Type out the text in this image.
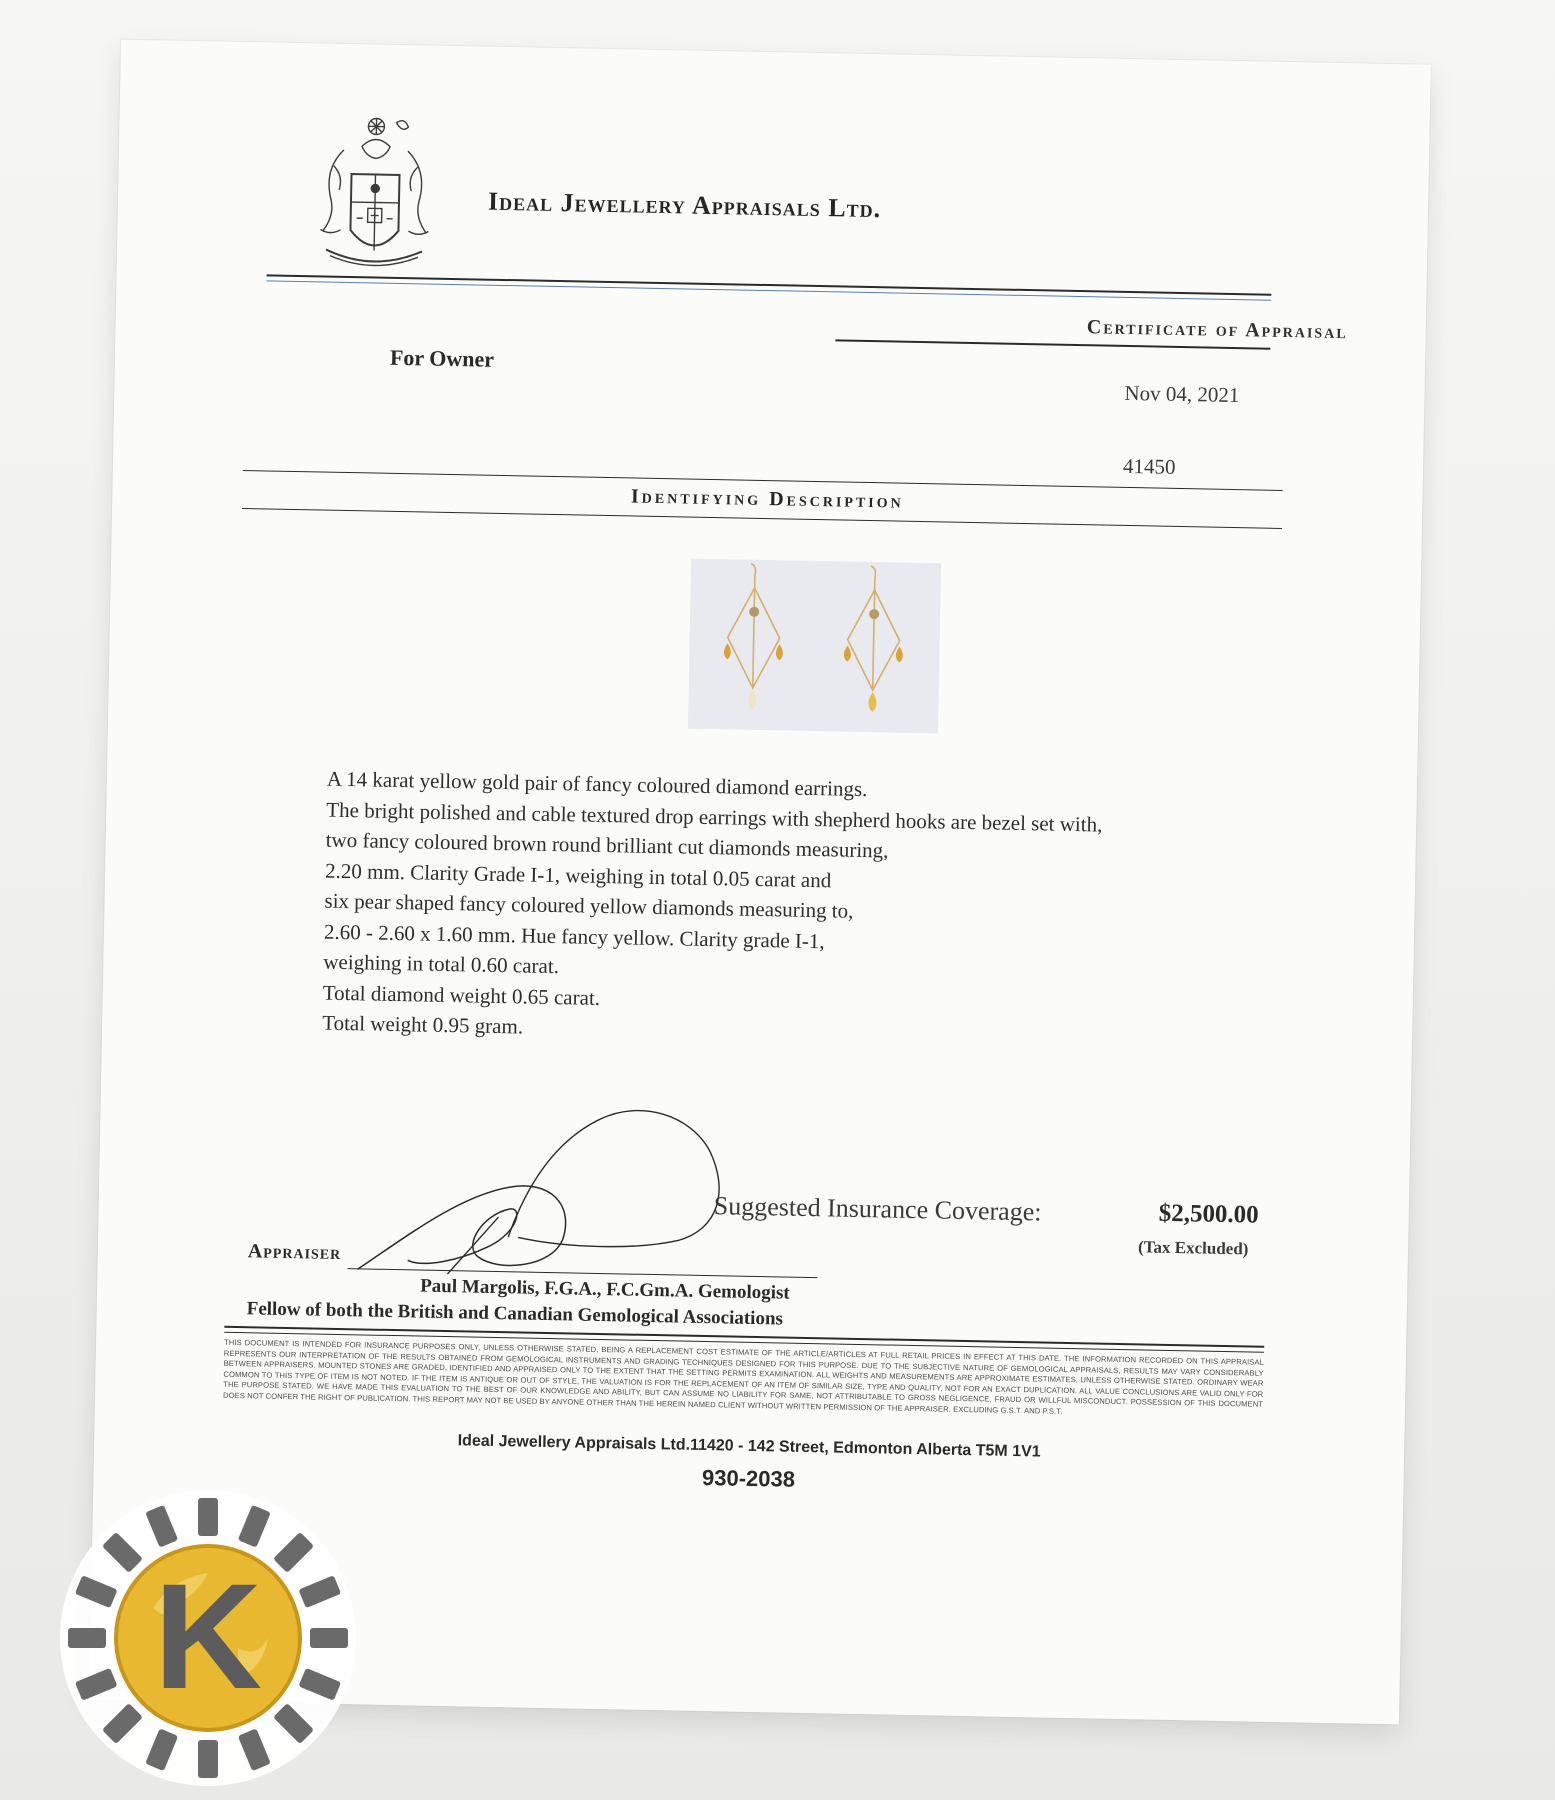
Ideal Jewellery Appraisals Ltd.
Certificate of Appraisal
For Owner
Nov 04, 2021
41450
Identifying Description
A 14 karat yellow gold pair of fancy coloured diamond earrings.
The bright polished and cable textured drop earrings with shepherd hooks are bezel set with,
two fancy coloured brown round brilliant cut diamonds measuring,
2.20 mm. Clarity Grade I-1, weighing in total 0.05 carat and
six pear shaped fancy coloured yellow diamonds measuring to,
2.60 - 2.60 x 1.60 mm. Hue fancy yellow. Clarity grade I-1,
weighing in total 0.60 carat.
Total diamond weight 0.65 carat.
Total weight 0.95 gram.
Appraiser
Paul Margolis, F.G.A., F.C.Gm.A. Gemologist
Fellow of both the British and Canadian Gemological Associations
Suggested Insurance Coverage:	$2,500.00
(Tax Excluded)
THIS DOCUMENT IS INTENDED FOR INSURANCE PURPOSES ONLY, UNLESS OTHERWISE STATED, BEING A REPLACEMENT COST ESTIMATE OF THE ARTICLE/ARTICLES AT FULL RETAIL PRICES IN EFFECT AT THIS DATE. THE INFORMATION RECORDED ON THIS APPRAISAL REPRESENTS OUR INTERPRETATION OF THE RESULTS OBTAINED FROM GEMOLOGICAL INSTRUMENTS AND GRADING TECHNIQUES DESIGNED FOR THIS PURPOSE. DUE TO THE SUBJECTIVE NATURE OF GEMOLOGICAL APPRAISALS, RESULTS MAY VARY CONSIDERABLY BETWEEN APPRAISERS. MOUNTED STONES ARE GRADED, IDENTIFIED AND APPRAISED ONLY TO THE EXTENT THAT THE SETTING PERMITS EXAMINATION. ALL WEIGHTS AND MEASUREMENTS ARE APPROXIMATE ESTIMATES, UNLESS OTHERWISE STATED. ORDINARY WEAR COMMON TO THIS TYPE OF ITEM IS NOT NOTED. IF THE ITEM IS ANTIQUE OR OUT OF STYLE, THE VALUATION IS FOR THE REPLACEMENT OF AN ITEM OF SIMILAR SIZE, TYPE AND QUALITY, NOT FOR AN EXACT DUPLICATION. ALL VALUE CONCLUSIONS ARE VALID ONLY FOR THE PURPOSE STATED. WE HAVE MADE THIS EVALUATION TO THE BEST OF OUR KNOWLEDGE AND ABILITY, BUT CAN ASSUME NO LIABILITY FOR SAME, NOT ATTRIBUTABLE TO GROSS NEGLIGENCE, FRAUD OR WILLFUL MISCONDUCT. POSSESSION OF THIS DOCUMENT DOES NOT CONFER THE RIGHT OF PUBLICATION. THIS REPORT MAY NOT BE USED BY ANYONE OTHER THAN THE HEREIN NAMED CLIENT WITHOUT WRITTEN PERMISSION OF THE APPRAISER. EXCLUDING G.S.T. AND P.S.T.
Ideal Jewellery Appraisals Ltd.11420 - 142 Street, Edmonton Alberta T5M 1V1
930-2038
K
